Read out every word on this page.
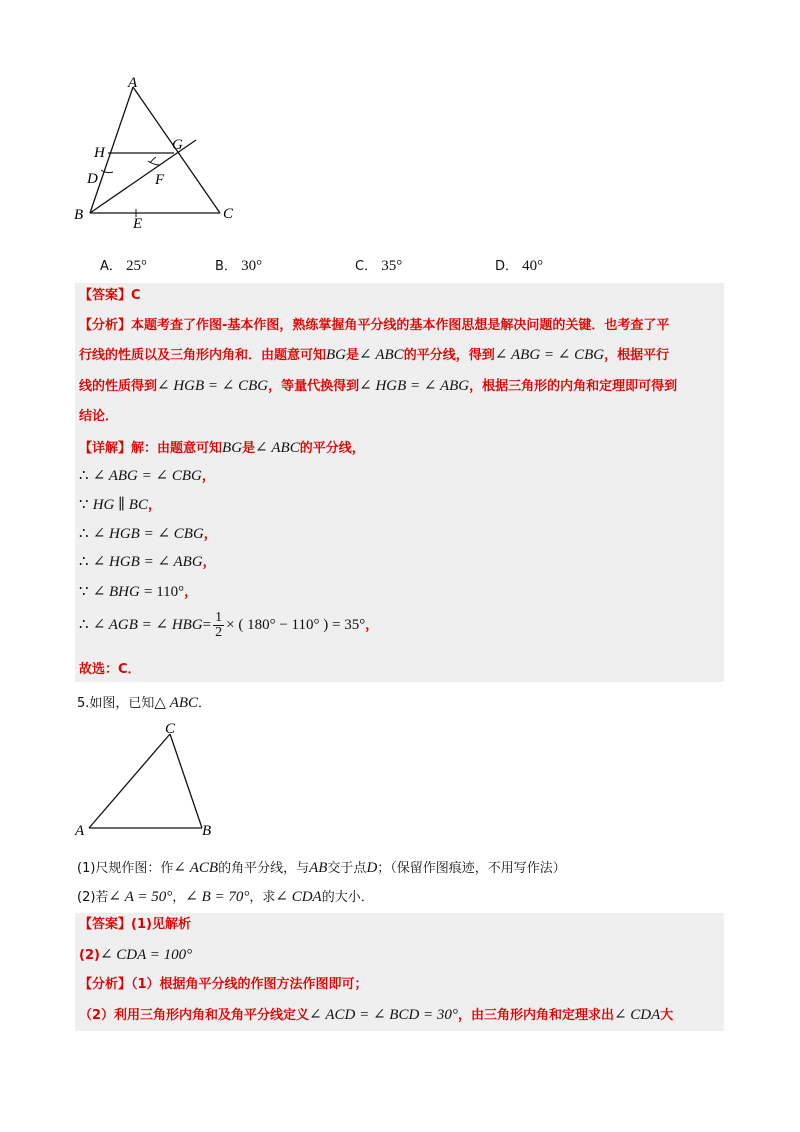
A
H	G
D	F
B
E
C
A． 25°	B． 30°	C． 35°	D． 40°
【答案】C
【分析】本题考查了作图-基本作图，熟练掌握角平分线的基本作图思想是解决问题的关键．也考查了平
行线的性质以及三角形内角和．由题意可知BG是∠ ABC的平分线，得到∠ ABG = ∠ CBG，根据平行
线的性质得到∠ HGB = ∠ CBG，等量代换得到∠ HGB = ∠ ABG，根据三角形的内角和定理即可得到
结论．
【详解】解：由题意可知BG是∠ ABC的平分线，
∴ ∠ ABG = ∠ CBG，
∵ HG ∥ BC，
∴ ∠ HGB = ∠ CBG，
∴ ∠ HGB = ∠ ABG，
∵ ∠ BHG = 110°，
∴ ∠ AGB = ∠ $HBG= \frac{1}{2}$ × ( 180° − 110° ) = 35°，
故选：C．
5.如图，已知△ ABC．
C
A	B
(1)尺规作图：作∠ ACB的角平分线，与AB交于点D；（保留作图痕迹，不用写作法）
(2)若∠ A = 50°，∠ B = 70°，求∠ CDA的大小．
【答案】(1)见解析
(2)∠ CDA = 100°
【分析】（1）根据角平分线的作图方法作图即可；
（2）利用三角形内角和及角平分线定义∠ ACD = ∠ BCD = 30°，由三角形内角和定理求出∠ CDA大
